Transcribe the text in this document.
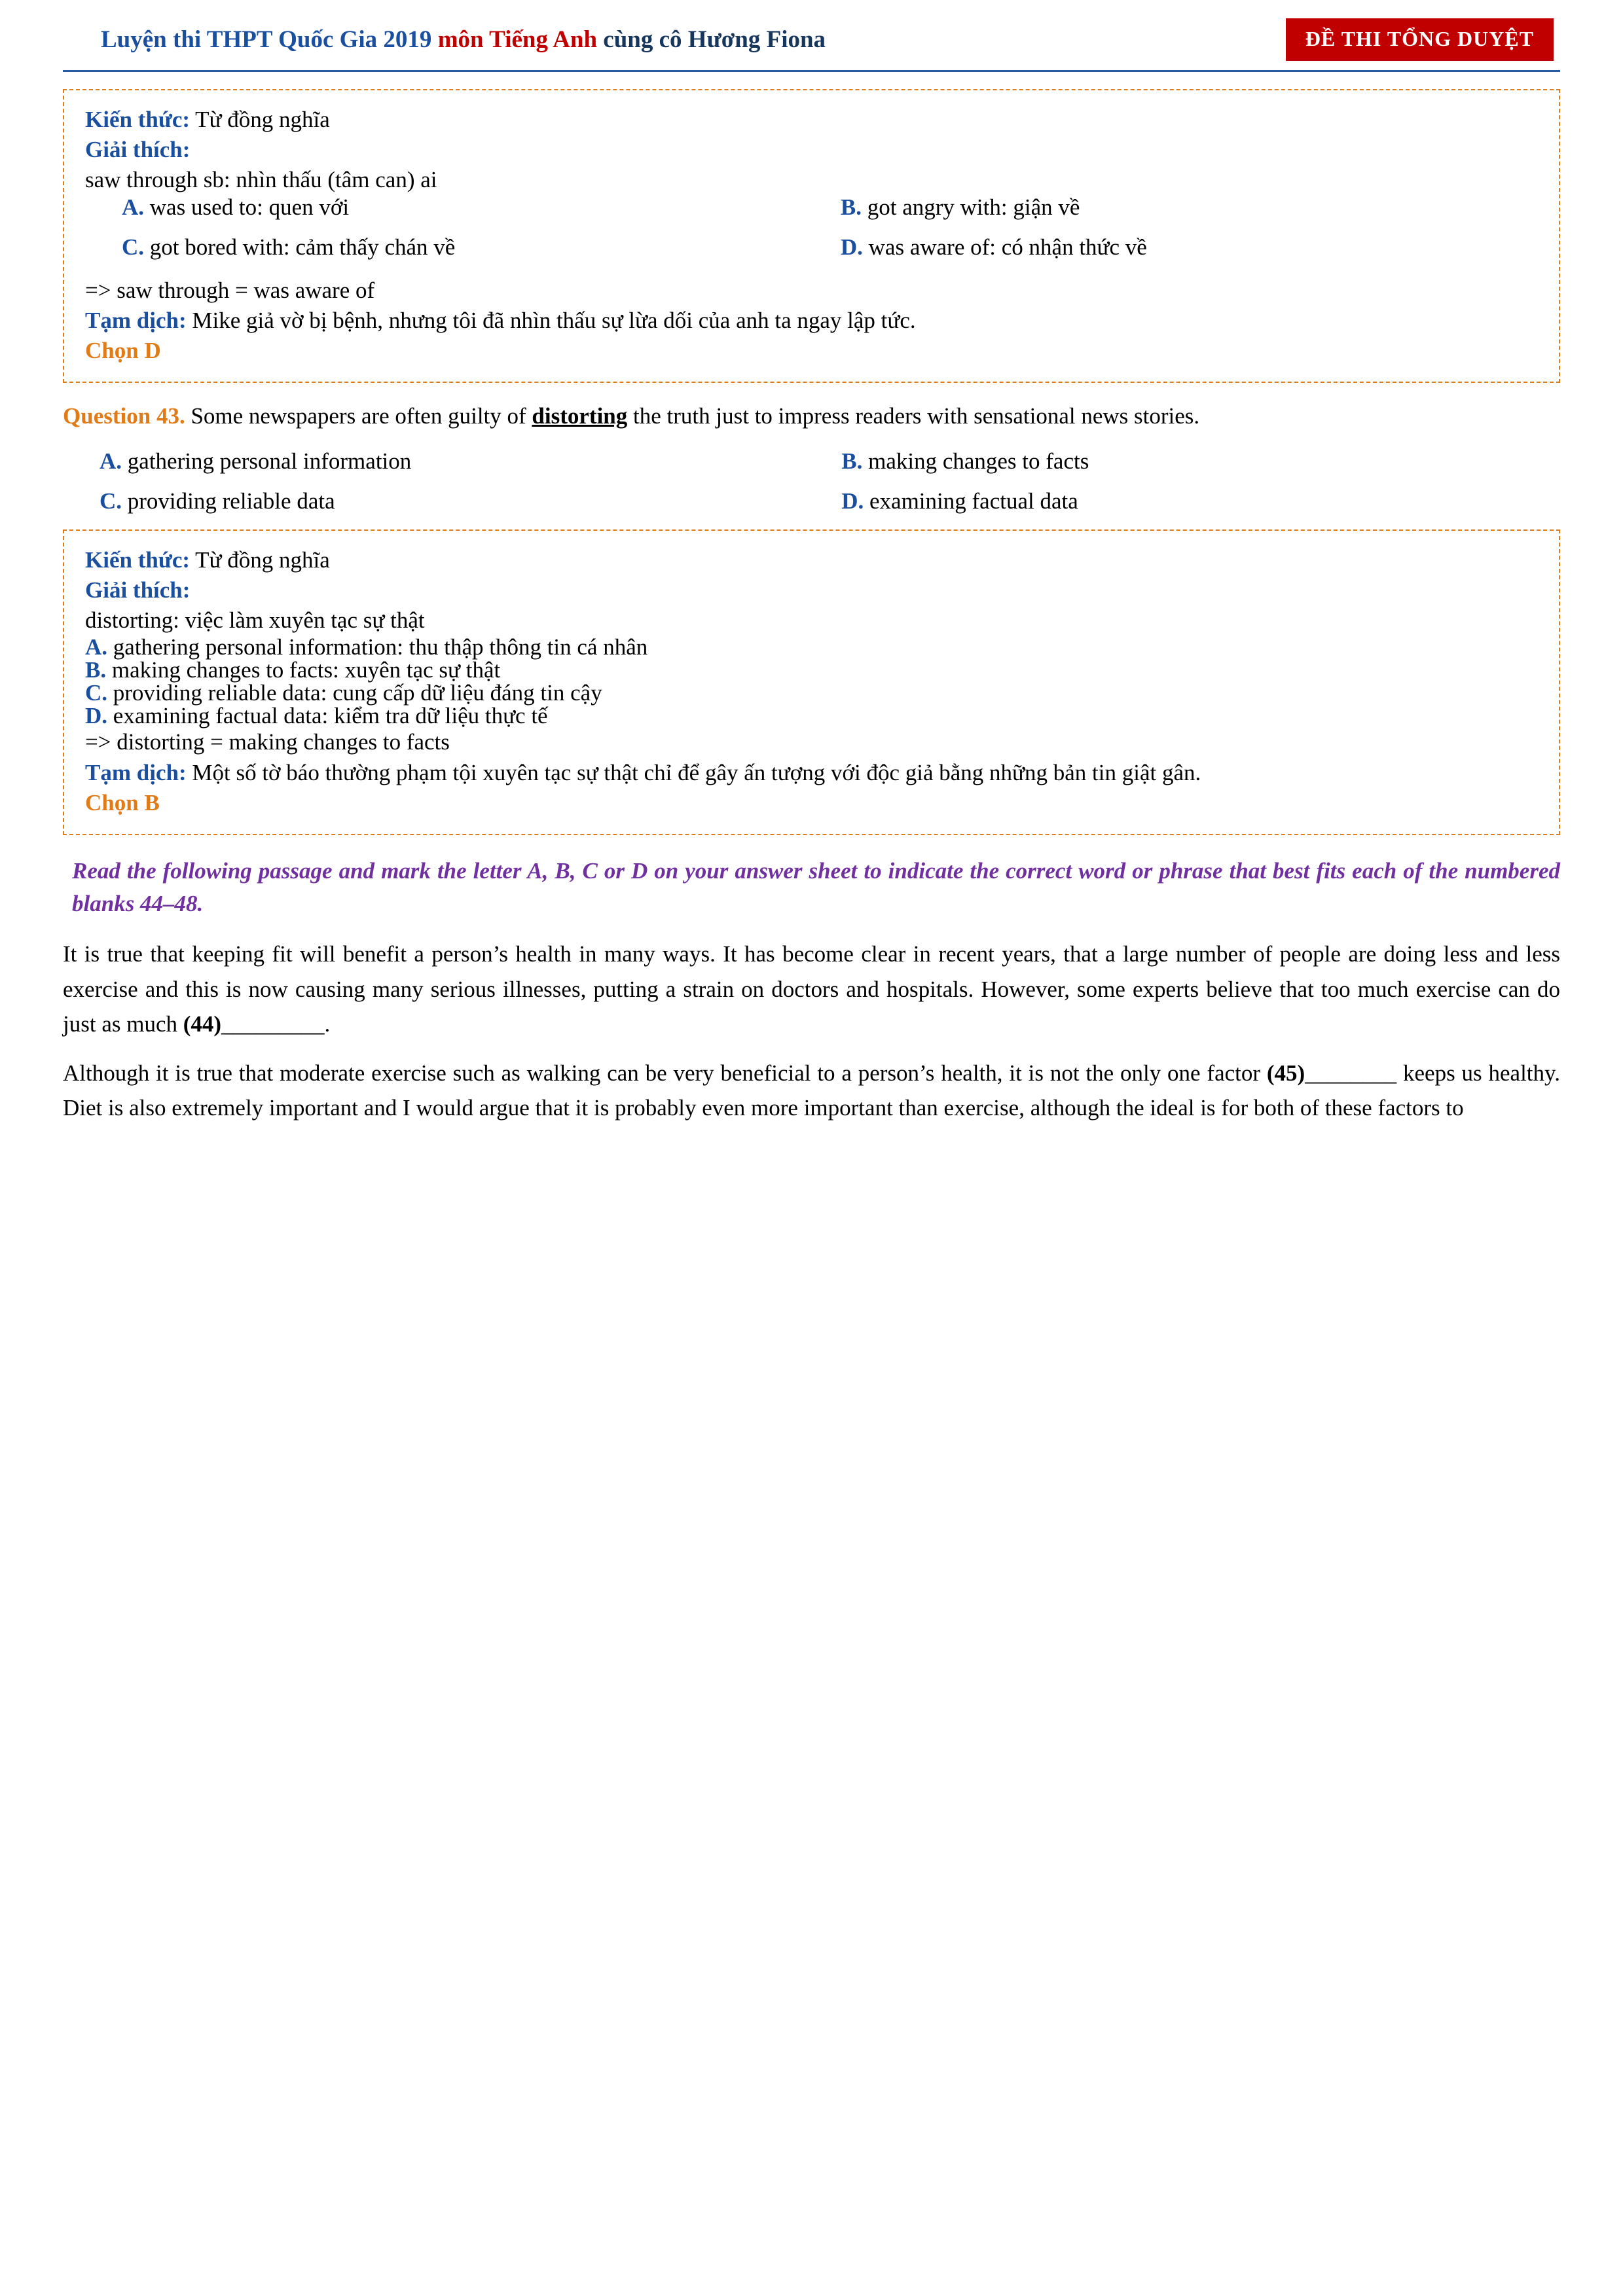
Luyện thi THPT Quốc Gia 2019 môn Tiếng Anh cùng cô Hương Fiona	ĐỀ THI TỔNG DUYỆT

Kiến thức: Từ đồng nghĩa

Giải thích:

saw through sb: nhìn thấu (tâm can) ai

A. was used to: quen với	B. got angry with: giận về
C. got bored with: cảm thấy chán về	D. was aware of: có nhận thức về

=> saw through = was aware of

Tạm dịch: Mike giả vờ bị bệnh, nhưng tôi đã nhìn thấu sự lừa dối của anh ta ngay lập tức.

Chọn D

Question 43. Some newspapers are often guilty of distorting the truth just to impress readers with sensational news stories.

A. gathering personal information	B. making changes to facts
C. providing reliable data	D. examining factual data

Kiến thức: Từ đồng nghĩa

Giải thích:

distorting: việc làm xuyên tạc sự thật

A. gathering personal information: thu thập thông tin cá nhân

B. making changes to facts: xuyên tạc sự thật

C. providing reliable data: cung cấp dữ liệu đáng tin cậy

D. examining factual data: kiểm tra dữ liệu thực tế

=> distorting = making changes to facts

Tạm dịch: Một số tờ báo thường phạm tội xuyên tạc sự thật chỉ để gây ấn tượng với độc giả bằng những bản tin giật gân.

Chọn B

Read the following passage and mark the letter A, B, C or D on your answer sheet to indicate the correct word or phrase that best fits each of the numbered blanks 44–48.

It is true that keeping fit will benefit a person’s health in many ways. It has become clear in recent years, that a large number of people are doing less and less exercise and this is now causing many serious illnesses, putting a strain on doctors and hospitals. However, some experts believe that too much exercise can do just as much (44)_________.

Although it is true that moderate exercise such as walking can be very beneficial to a person’s health, it is not the only one factor (45)________ keeps us healthy. Diet is also extremely important and I would argue that it is probably even more important than exercise, although the ideal is for both of these factors to
